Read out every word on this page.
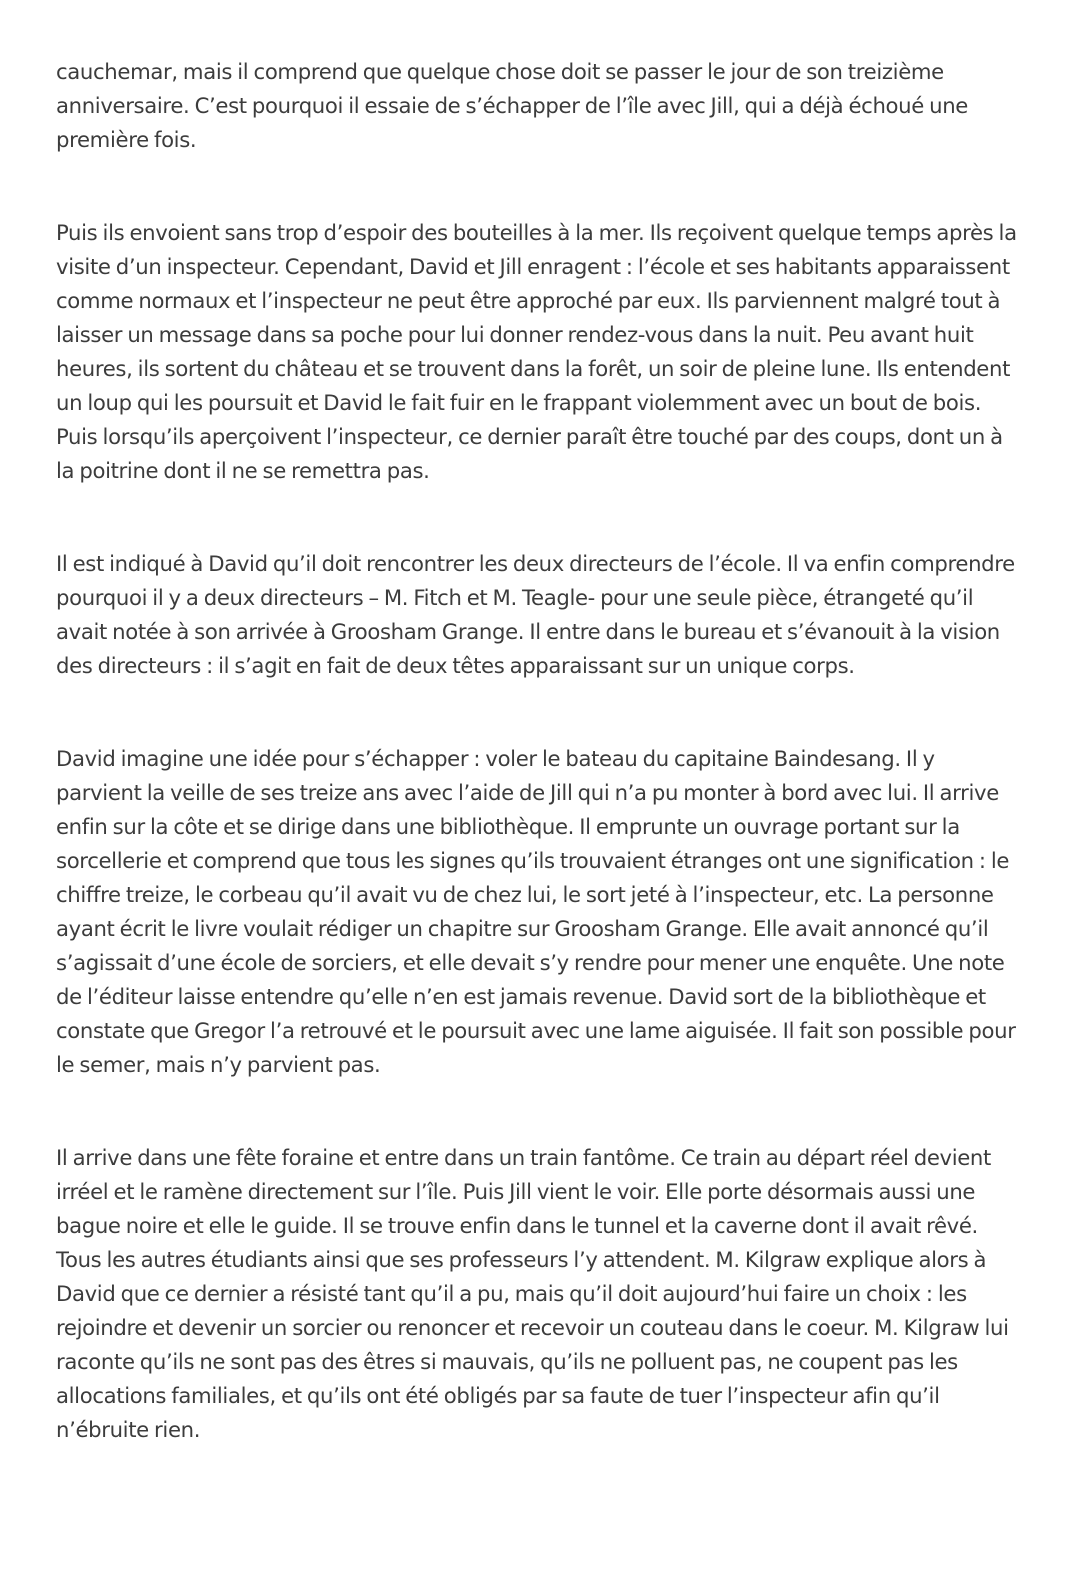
cauchemar, mais il comprend que quelque chose doit se passer le jour de son treizième anniversaire. C’est pourquoi il essaie de s’échapper de l’île avec Jill, qui a déjà échoué une première fois.

Puis ils envoient sans trop d’espoir des bouteilles à la mer. Ils reçoivent quelque temps après la visite d’un inspecteur. Cependant, David et Jill enragent : l’école et ses habitants apparaissent comme normaux et l’inspecteur ne peut être approché par eux. Ils parviennent malgré tout à laisser un message dans sa poche pour lui donner rendez-vous dans la nuit. Peu avant huit heures, ils sortent du château et se trouvent dans la forêt, un soir de pleine lune. Ils entendent un loup qui les poursuit et David le fait fuir en le frappant violemment avec un bout de bois. Puis lorsqu’ils aperçoivent l’inspecteur, ce dernier paraît être touché par des coups, dont un à la poitrine dont il ne se remettra pas.

Il est indiqué à David qu’il doit rencontrer les deux directeurs de l’école. Il va enfin comprendre pourquoi il y a deux directeurs – M. Fitch et M. Teagle- pour une seule pièce, étrangeté qu’il avait notée à son arrivée à Groosham Grange. Il entre dans le bureau et s’évanouit à la vision des directeurs : il s’agit en fait de deux têtes apparaissant sur un unique corps.

David imagine une idée pour s’échapper : voler le bateau du capitaine Baindesang. Il y parvient la veille de ses treize ans avec l’aide de Jill qui n’a pu monter à bord avec lui. Il arrive enfin sur la côte et se dirige dans une bibliothèque. Il emprunte un ouvrage portant sur la sorcellerie et comprend que tous les signes qu’ils trouvaient étranges ont une signification : le chiffre treize, le corbeau qu’il avait vu de chez lui, le sort jeté à l’inspecteur, etc. La personne ayant écrit le livre voulait rédiger un chapitre sur Groosham Grange. Elle avait annoncé qu’il s’agissait d’une école de sorciers, et elle devait s’y rendre pour mener une enquête. Une note de l’éditeur laisse entendre qu’elle n’en est jamais revenue. David sort de la bibliothèque et constate que Gregor l’a retrouvé et le poursuit avec une lame aiguisée. Il fait son possible pour le semer, mais n’y parvient pas.

Il arrive dans une fête foraine et entre dans un train fantôme. Ce train au départ réel devient irréel et le ramène directement sur l’île. Puis Jill vient le voir. Elle porte désormais aussi une bague noire et elle le guide. Il se trouve enfin dans le tunnel et la caverne dont il avait rêvé. Tous les autres étudiants ainsi que ses professeurs l’y attendent. M. Kilgraw explique alors à David que ce dernier a résisté tant qu’il a pu, mais qu’il doit aujourd’hui faire un choix : les rejoindre et devenir un sorcier ou renoncer et recevoir un couteau dans le coeur. M. Kilgraw lui raconte qu’ils ne sont pas des êtres si mauvais, qu’ils ne polluent pas, ne coupent pas les allocations familiales, et qu’ils ont été obligés par sa faute de tuer l’inspecteur afin qu’il n’ébruite rien.
